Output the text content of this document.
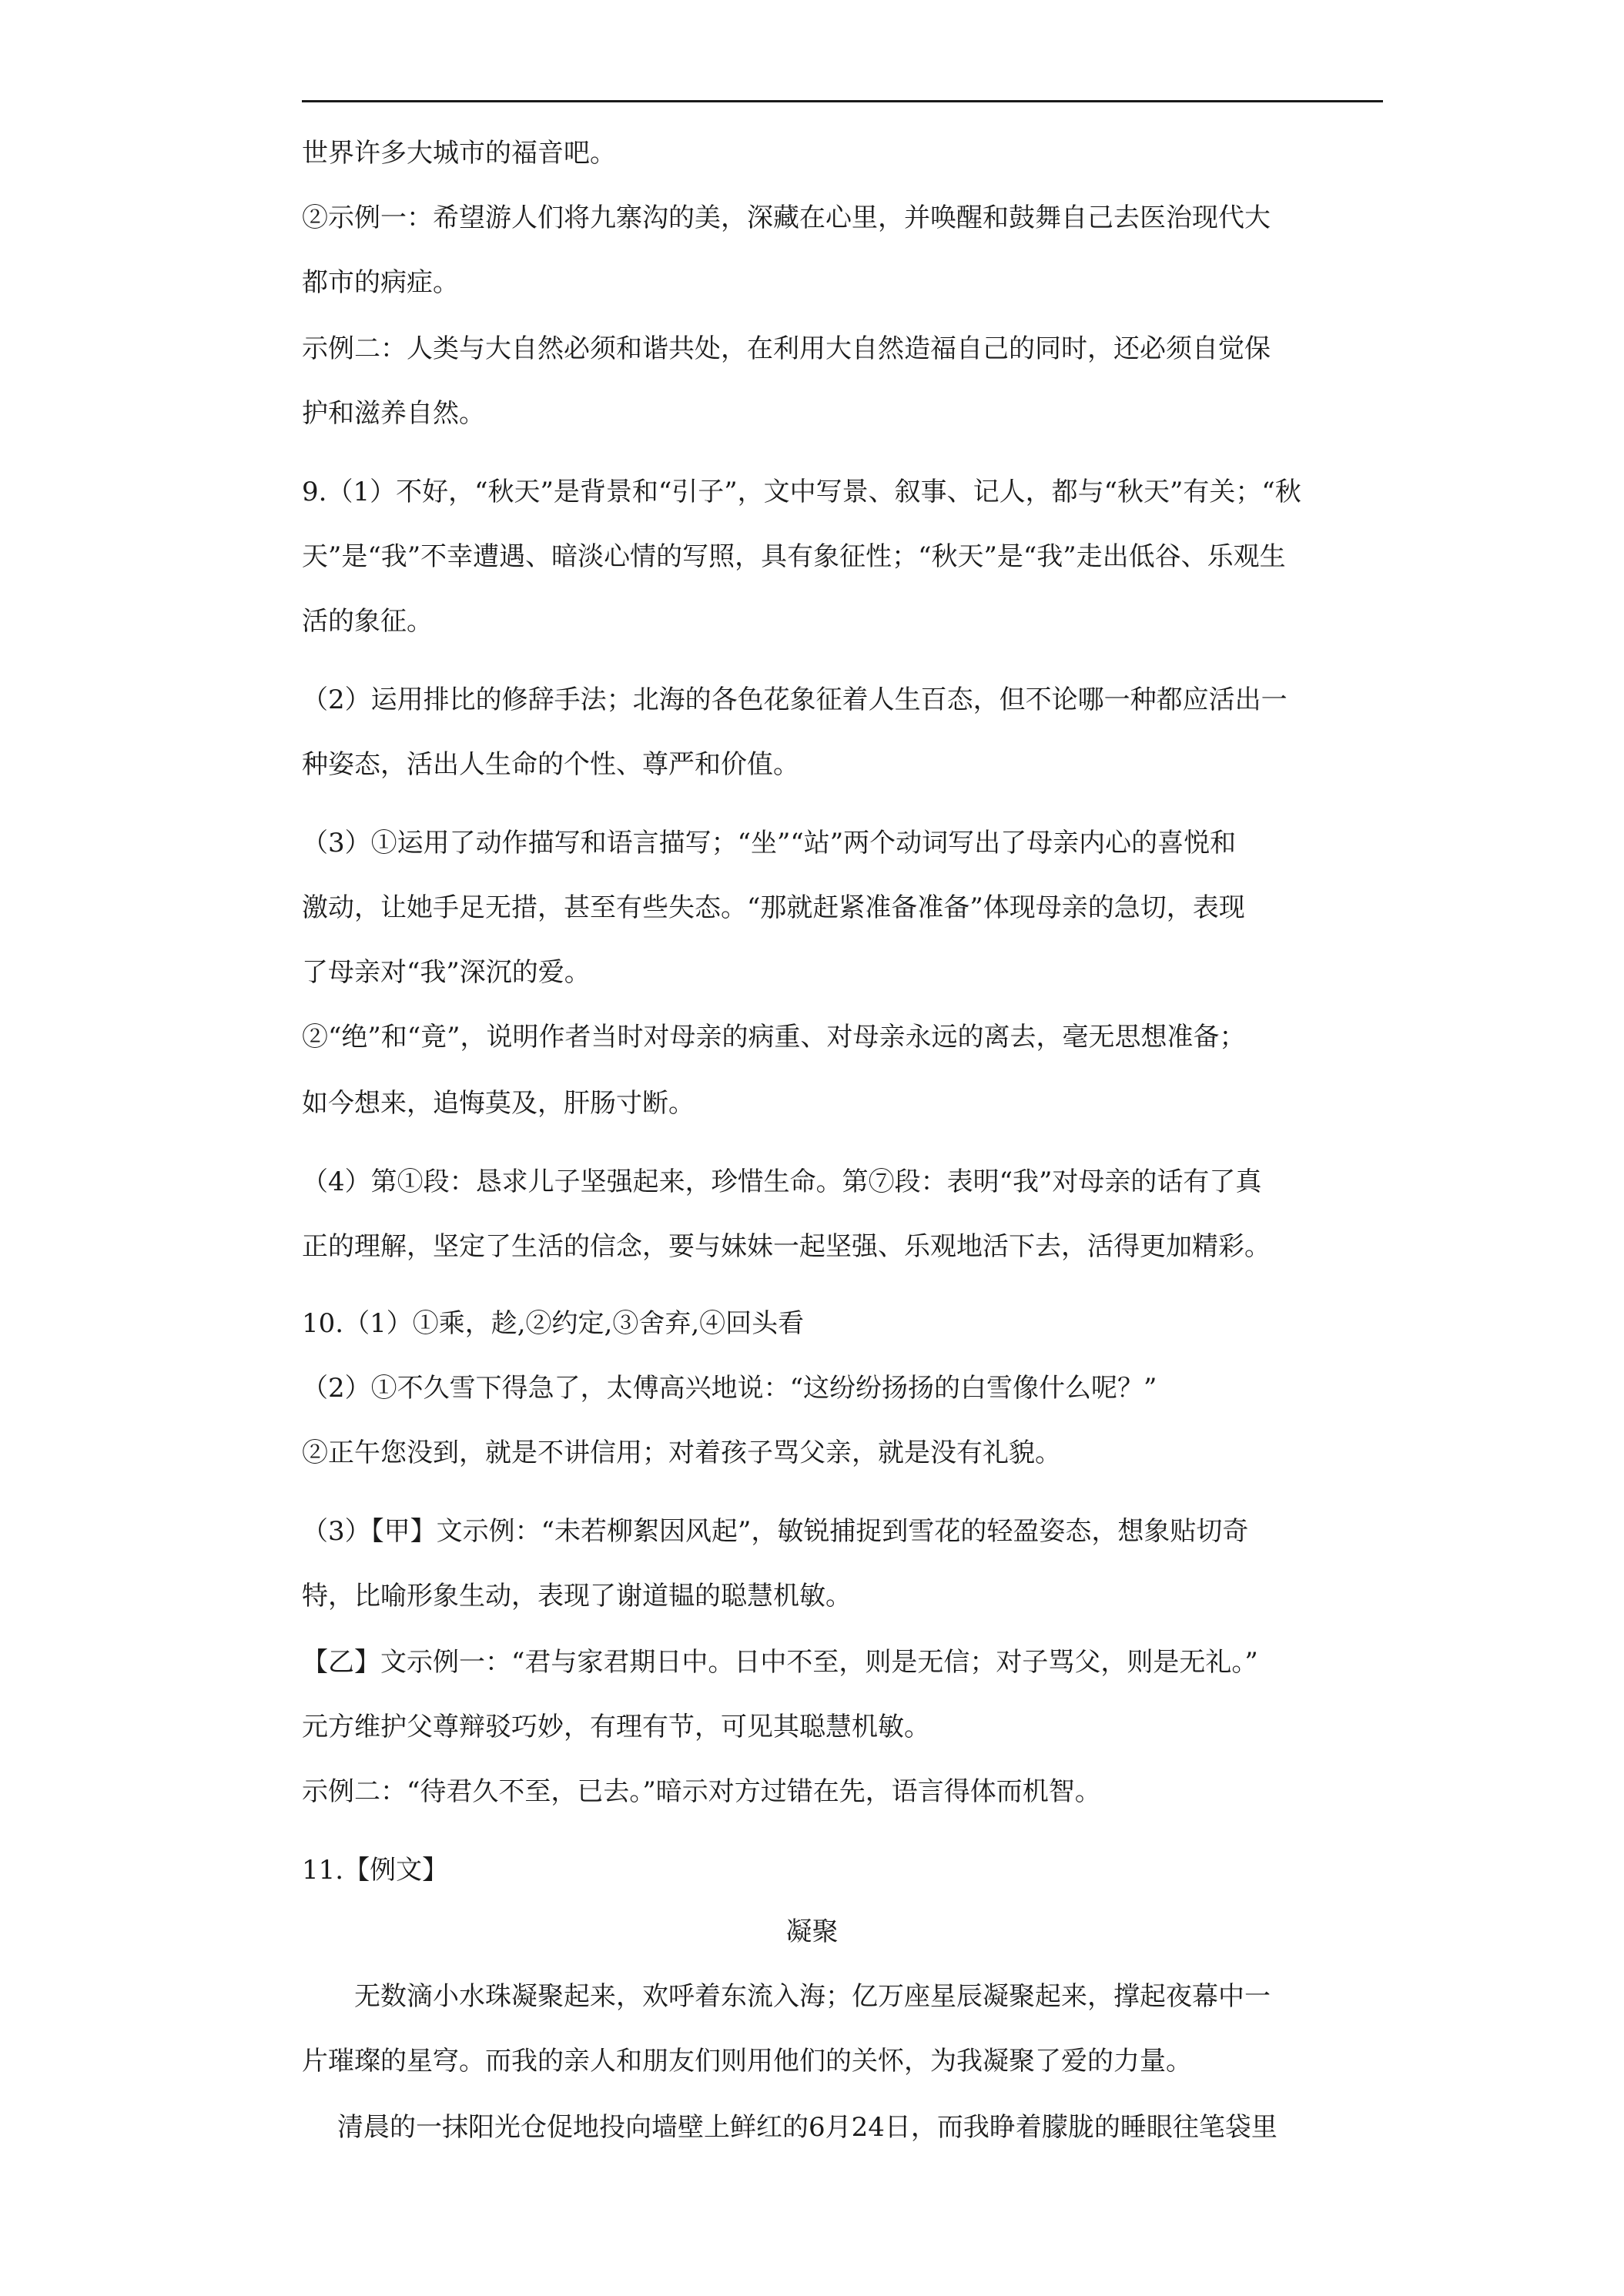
世界许多大城市的福音吧。

②示例一：希望游人们将九寨沟的美，深藏在心里，并唤醒和鼓舞自己去医治现代大

都市的病症。

示例二：人类与大自然必须和谐共处，在利用大自然造福自己的同时，还必须自觉保

护和滋养自然。

9.（1）不好，“秋天”是背景和“引子”，文中写景、叙事、记人，都与“秋天”有关；“秋

天”是“我”不幸遭遇、暗淡心情的写照，具有象征性；“秋天”是“我”走出低谷、乐观生

活的象征。

（2）运用排比的修辞手法；北海的各色花象征着人生百态，但不论哪一种都应活出一

种姿态，活出人生命的个性、尊严和价值。

（3）①运用了动作描写和语言描写；“坐”“站”两个动词写出了母亲内心的喜悦和

激动，让她手足无措，甚至有些失态。“那就赶紧准备准备”体现母亲的急切，表现

了母亲对“我”深沉的爱。

②“绝”和“竟”，说明作者当时对母亲的病重、对母亲永远的离去，毫无思想准备；

如今想来，追悔莫及，肝肠寸断。

（4）第①段：恳求儿子坚强起来，珍惜生命。第⑦段：表明“我”对母亲的话有了真

正的理解，坚定了生活的信念，要与妹妹一起坚强、乐观地活下去，活得更加精彩。

10.（1）①乘，趁,②约定,③舍弃,④回头看

（2）①不久雪下得急了，太傅高兴地说：“这纷纷扬扬的白雪像什么呢？”

②正午您没到，就是不讲信用；对着孩子骂父亲，就是没有礼貌。

（3）【甲】文示例：“未若柳絮因风起”，敏锐捕捉到雪花的轻盈姿态，想象贴切奇

特，比喻形象生动，表现了谢道韫的聪慧机敏。

【乙】文示例一：“君与家君期日中。日中不至，则是无信；对子骂父，则是无礼。”

元方维护父尊辩驳巧妙，有理有节，可见其聪慧机敏。

示例二：“待君久不至，已去。”暗示对方过错在先，语言得体而机智。

11.【例文】

凝聚

无数滴小水珠凝聚起来，欢呼着东流入海；亿万座星辰凝聚起来，撑起夜幕中一

片璀璨的星穹。而我的亲人和朋友们则用他们的关怀，为我凝聚了爱的力量。

清晨的一抹阳光仓促地投向墙壁上鲜红的6月24日，而我睁着朦胧的睡眼往笔袋里
